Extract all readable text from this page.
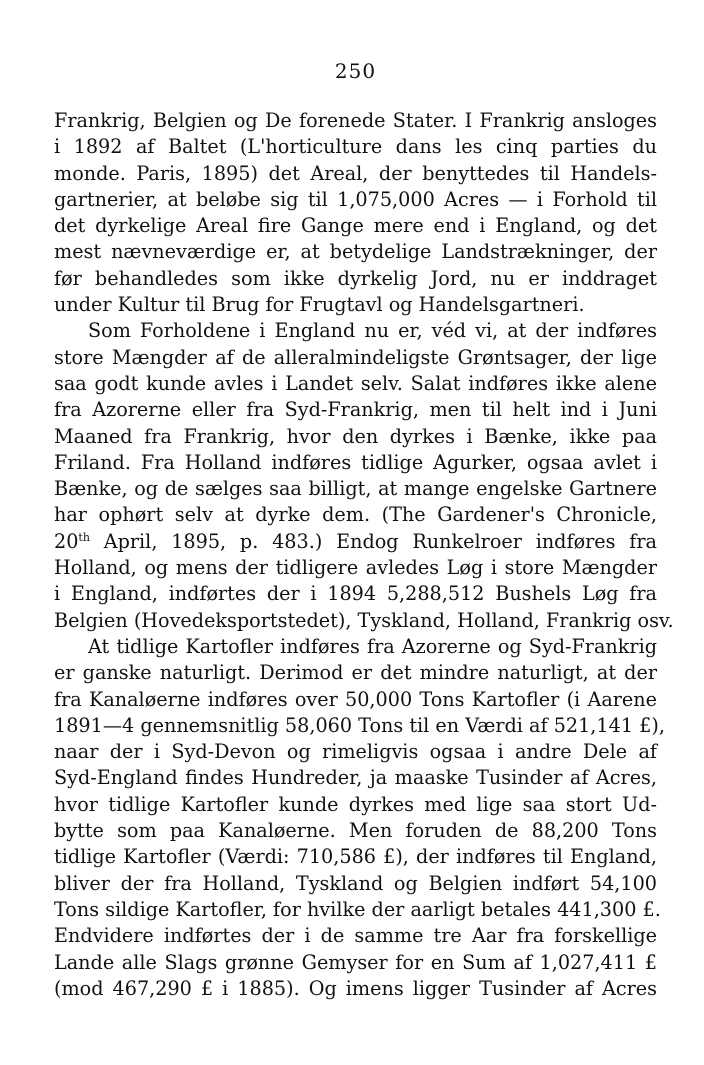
250
Frankrig, Belgien og De forenede Stater. I Frankrig ansloges
i 1892 af Baltet (L'horticulture dans les cinq parties du
monde. Paris, 1895) det Areal, der benyttedes til Handels-
gartnerier, at beløbe sig til 1,075,000 Acres — i Forhold til
det dyrkelige Areal fire Gange mere end i England, og det
mest nævneværdige er, at betydelige Landstrækninger, der
før behandledes som ikke dyrkelig Jord, nu er inddraget
under Kultur til Brug for Frugtavl og Handelsgartneri.
Som Forholdene i England nu er, véd vi, at der indføres
store Mængder af de alleralmindeligste Grøntsager, der lige
saa godt kunde avles i Landet selv. Salat indføres ikke alene
fra Azorerne eller fra Syd-Frankrig, men til helt ind i Juni
Maaned fra Frankrig, hvor den dyrkes i Bænke, ikke paa
Friland. Fra Holland indføres tidlige Agurker, ogsaa avlet i
Bænke, og de sælges saa billigt, at mange engelske Gartnere
har ophørt selv at dyrke dem. (The Gardener's Chronicle,
20th April, 1895, p. 483.) Endog Runkelroer indføres fra
Holland, og mens der tidligere avledes Løg i store Mængder
i England, indførtes der i 1894 5,288,512 Bushels Løg fra
Belgien (Hovedeksportstedet), Tyskland, Holland, Frankrig osv.
At tidlige Kartofler indføres fra Azorerne og Syd-Frankrig
er ganske naturligt. Derimod er det mindre naturligt, at der
fra Kanaløerne indføres over 50,000 Tons Kartofler (i Aarene
1891—4 gennemsnitlig 58,060 Tons til en Værdi af 521,141 £),
naar der i Syd-Devon og rimeligvis ogsaa i andre Dele af
Syd-England findes Hundreder, ja maaske Tusinder af Acres,
hvor tidlige Kartofler kunde dyrkes med lige saa stort Ud-
bytte som paa Kanaløerne. Men foruden de 88,200 Tons
tidlige Kartofler (Værdi: 710,586 £), der indføres til England,
bliver der fra Holland, Tyskland og Belgien indført 54,100
Tons sildige Kartofler, for hvilke der aarligt betales 441,300 £.
Endvidere indførtes der i de samme tre Aar fra forskellige
Lande alle Slags grønne Gemyser for en Sum af 1,027,411 £
(mod 467,290 £ i 1885). Og imens ligger Tusinder af Acres
